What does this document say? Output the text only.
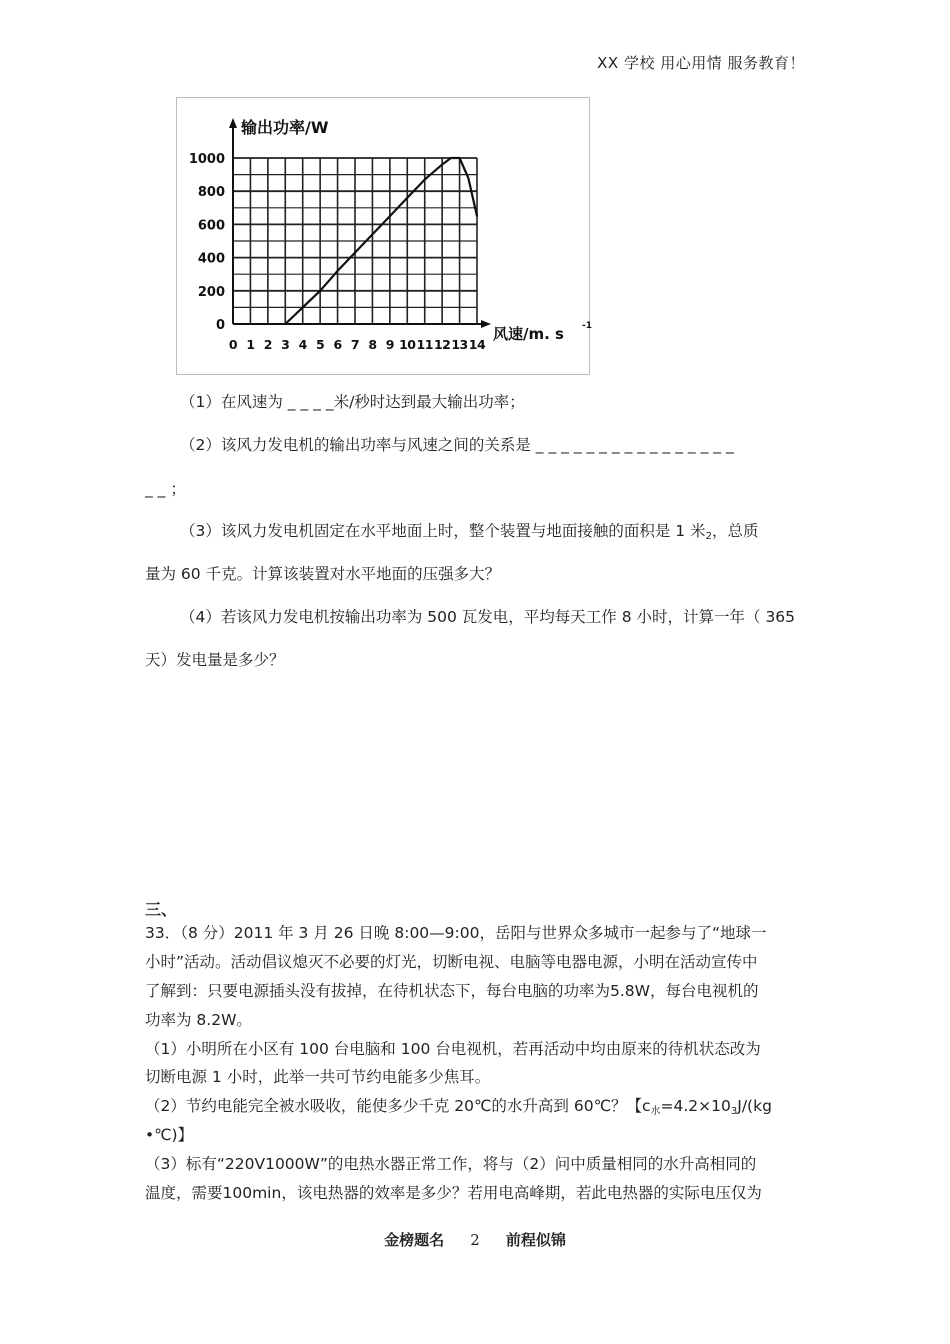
XX 学校 用心用情 服务教育！
0
200
400
600
800
1000
0 1 2 3 4 5 6 7 8 9 10 11 12 13 14
输出功率/W
风速/m. s -1
（1）在风速为 _ _ _ _米/秒时达到最大输出功率；
（2）该风力发电机的输出功率与风速之间的关系是 _ _ _ _ _ _ _ _ _ _ _ _ _ _ _ _
_ _ ；
（3）该风力发电机固定在水平地面上时，整个装置与地面接触的面积是 1 米$_2$，总质
量为 60 千克。计算该装置对水平地面的压强多大？
（4）若该风力发电机按输出功率为 500 瓦发电，平均每天工作 8 小时，计算一年（ 365
天）发电量是多少？
三、
33．（8 分）2011 年 3 月 26 日晚 8:00—9:00，岳阳与世界众多城市一起参与了“地球一
小时”活动。活动倡议熄灭不必要的灯光，切断电视、电脑等电器电源，小明在活动宣传中
了解到：只要电源插头没有拔掉，在待机状态下，每台电脑的功率为5.8W，每台电视机的
功率为 8.2W。
（1）小明所在小区有 100 台电脑和 100 台电视机，若再活动中均由原来的待机状态改为
切断电源 1 小时，此举一共可节约电能多少焦耳。
（2）节约电能完全被水吸收，能使多少千克 20℃的水升高到 60℃？【$c_水=4.2\times 10_3J/(kg$
•℃)】
（3）标有“220V1000W”的电热水器正常工作，将与（2）问中质量相同的水升高相同的
温度，需要100min，该电热器的效率是多少？若用电高峰期，若此电热器的实际电压仅为
金榜题名 2 前程似锦
